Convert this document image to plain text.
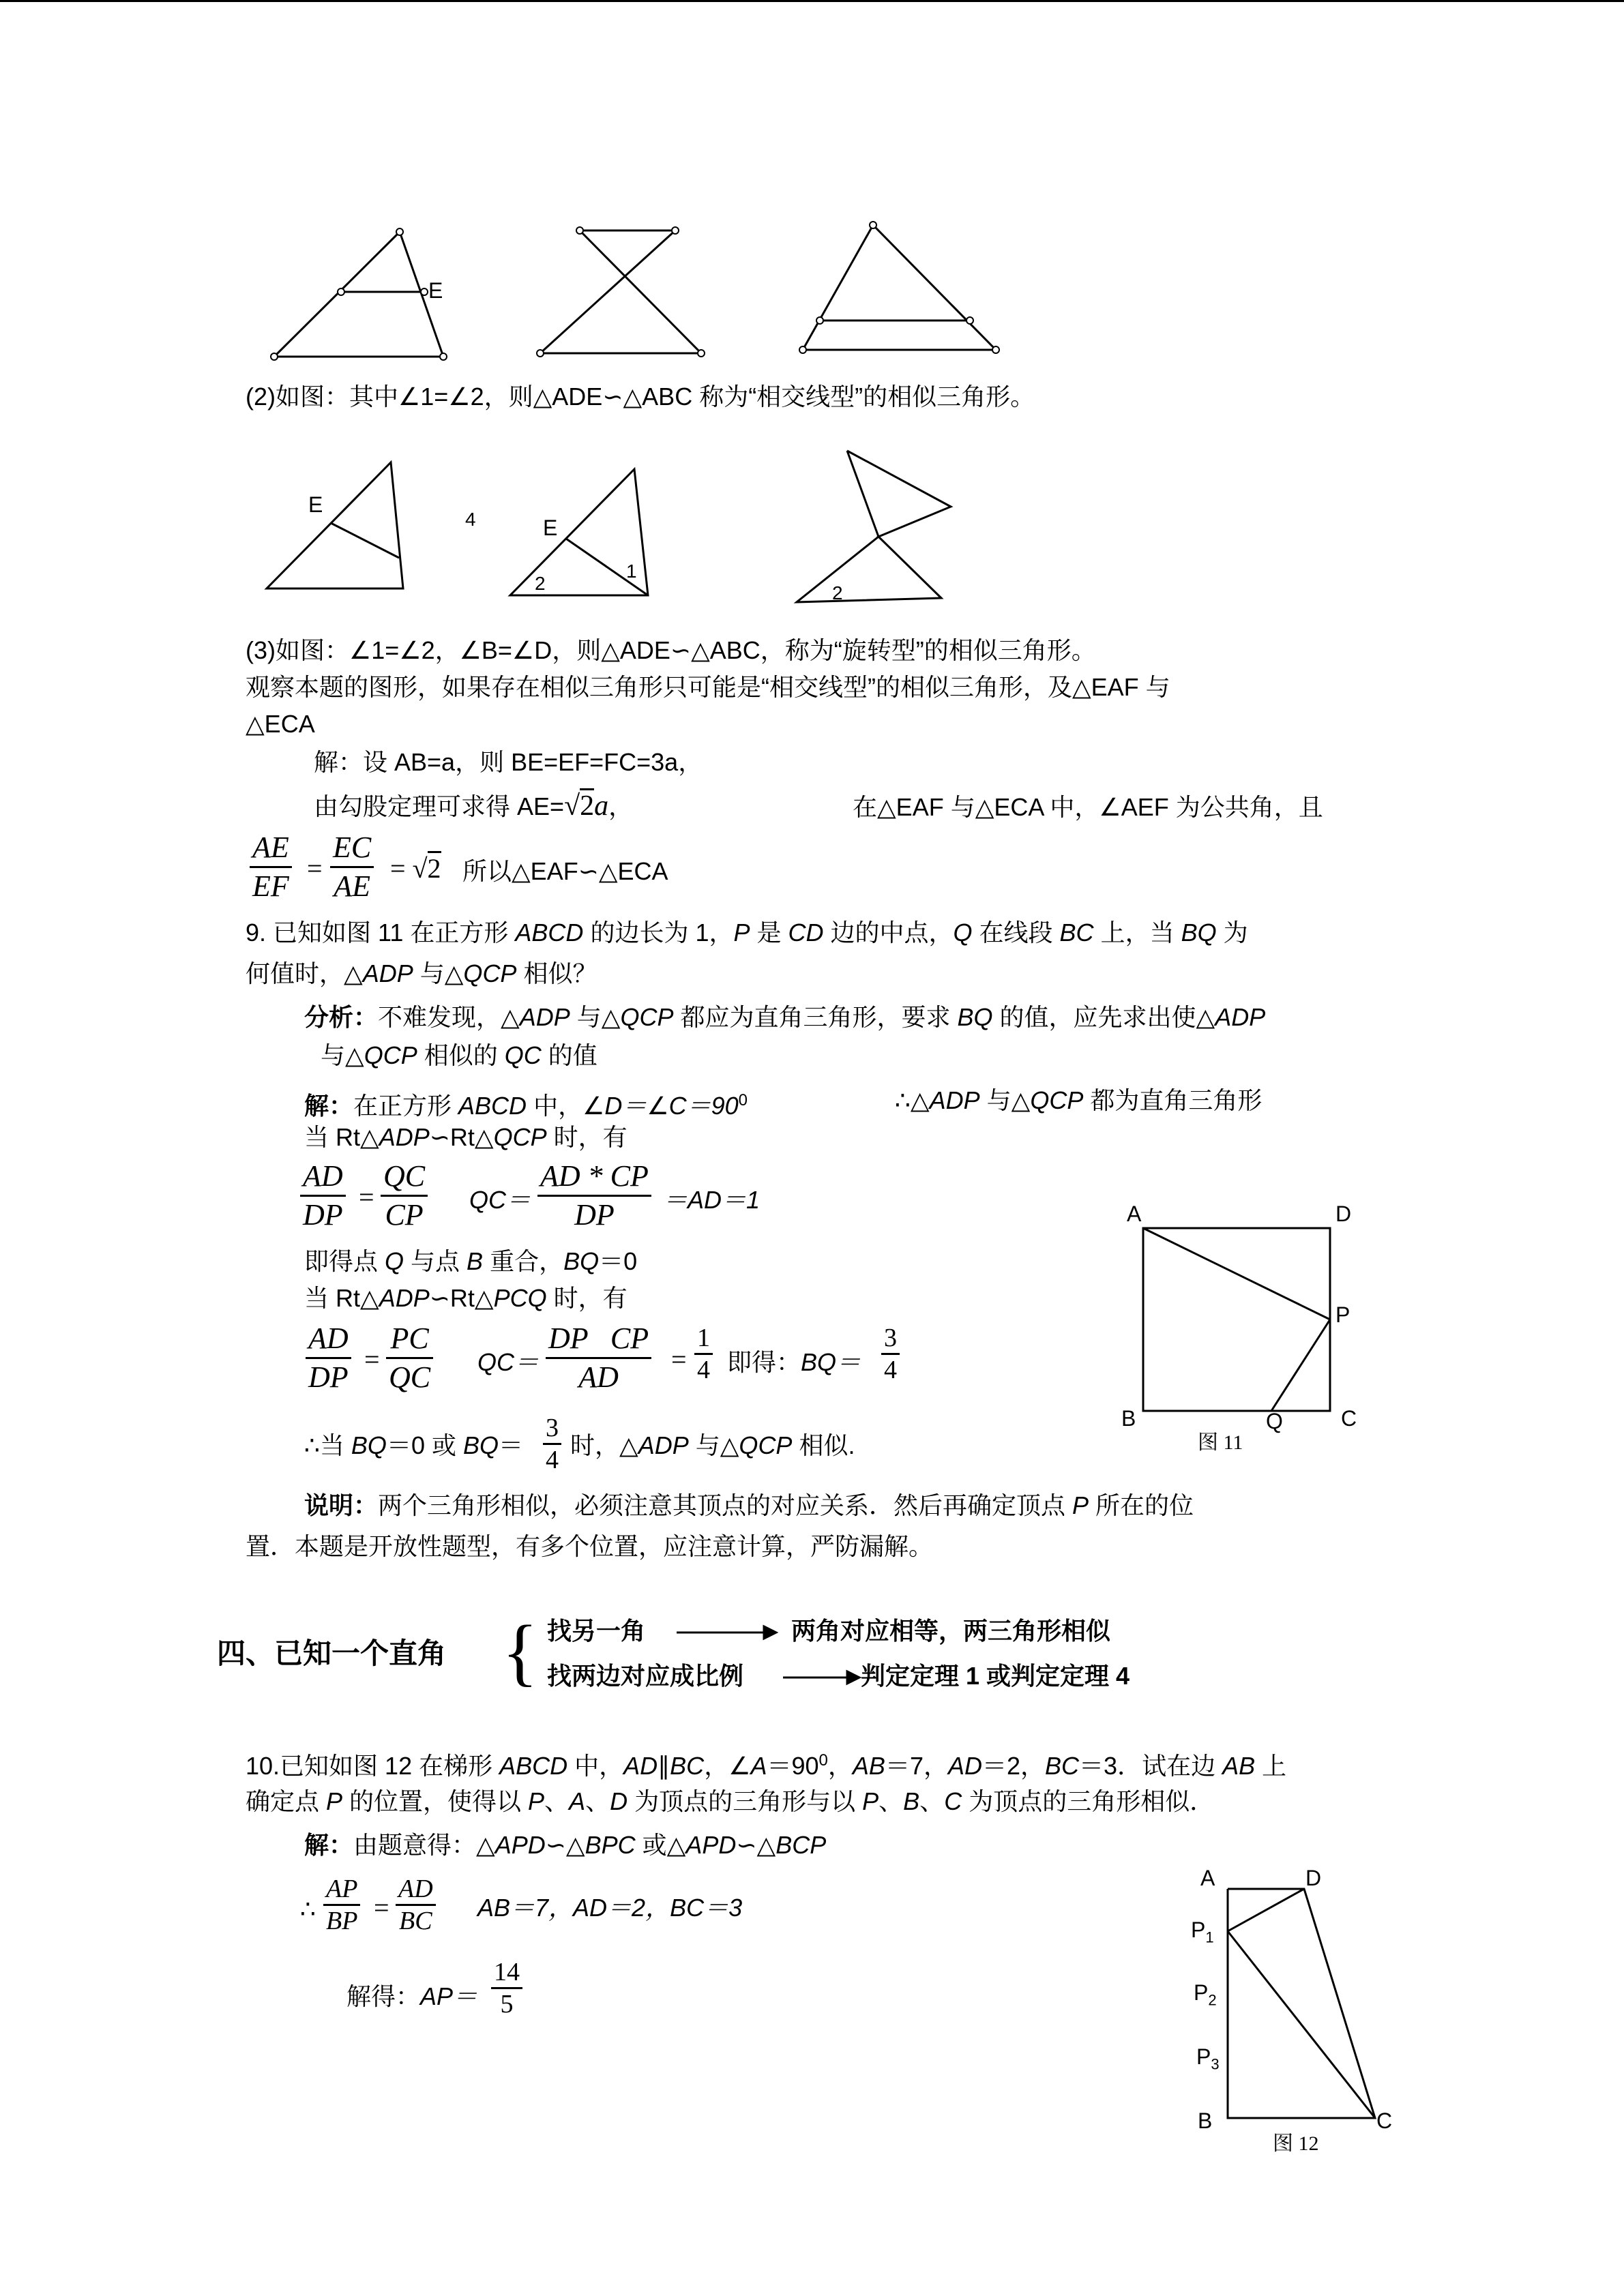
E
(2)如图：其中∠1=∠2，则△ADE∽△ABC 称为“相交线型”的相似三角形。
E
4	E
1
2	2
(3)如图：∠1=∠2，∠B=∠D，则△ADE∽△ABC，称为“旋转型”的相似三角形。
观察本题的图形，如果存在相似三角形只可能是“相交线型”的相似三角形，及△EAF 与
△ECA
解：设 AB=a，则 BE=EF=FC=3a，
由勾股定理可求得 AE=√2a，	在△EAF 与△ECA 中，∠AEF 为公共角，且
AE
EF
=
EC
AE
= √2 所以△EAF∽△ECA
9. 已知如图 11 在正方形 ABCD 的边长为 1，P 是 CD 边的中点，Q 在线段 BC 上，当 BQ 为
何值时，△ADP 与△QCP 相似？
分析：不难发现，△ADP 与△QCP 都应为直角三角形，要求 BQ 的值，应先求出使△ADP
与△QCP 相似的 QC 的值
解：在正方形 ABCD 中，$\angle D=\angle C=90^0$	∴△ADP 与△QCP 都为直角三角形
当 Rt△ADP∽Rt△QCP 时，有
AD
DP
=
QC
CP QC＝
AD * CP
DP ＝AD＝1
即得点 Q 与点 B 重合，BQ＝0
当 Rt△ADP∽Rt△PCQ 时，有
AD
DP
=
PC
QC QC＝
DP   CP
AD
=
1
4 即得：BQ＝
3
4
∴当 BQ＝0 或 BQ＝
3
4
时，△ADP 与△QCP 相似.
说明：两个三角形相似，必须注意其顶点的对应关系．然后再确定顶点 P 所在的位
置．本题是开放性题型，有多个位置，应注意计算，严防漏解。
A	D
P
B	Q	C
图 11
四、已知一个直角 { 找另一角	两角对应相等，两三角形相似
找两边对应成比例	判定定理 1 或判定定理 4
10.已知如图 12 在梯形 ABCD 中，AD∥BC，$\angle A=90^0$，AB＝7，AD＝2，BC＝3．试在边 AB 上
确定点 P 的位置，使得以 P、A、D 为顶点的三角形与以 P、B、C 为顶点的三角形相似．
解：由题意得：△APD∽△BPC 或△APD∽△BCP
∴
AP
BP =
AD
BC AB＝7，AD＝2，BC＝3
解得：AP＝
14
5
A	D
$P_1$
$P_2$
$P_3$
B	C
图 12
